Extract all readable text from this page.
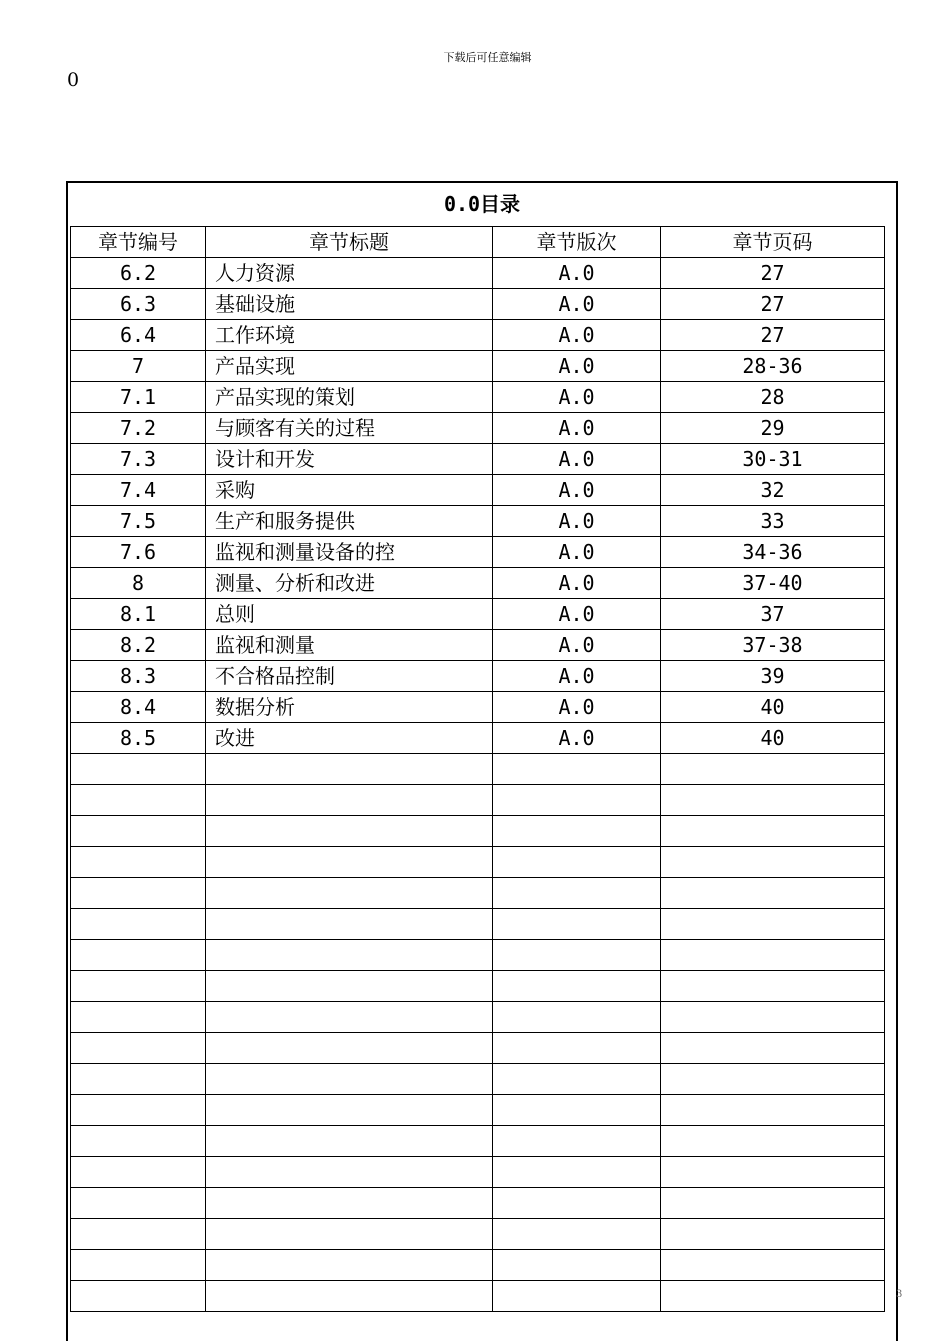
下载后可任意编辑
0
0.0目录
章节编号	章节标题	章节版次	章节页码
6.2	人力资源	A.0	27
6.3	基础设施	A.0	27
6.4	工作环境	A.0	27
7	产品实现	A.0	28-36
7.1	产品实现的策划	A.0	28
7.2	与顾客有关的过程	A.0	29
7.3	设计和开发	A.0	30-31
7.4	采购	A.0	32
7.5	生产和服务提供	A.0	33
7.6	监视和测量设备的控	A.0	34-36
8	测量、分析和改进	A.0	37-40
8.1	总则	A.0	37
8.2	监视和测量	A.0	37-38
8.3	不合格品控制	A.0	39
8.4	数据分析	A.0	40
8.5	改进	A.0	40

3
